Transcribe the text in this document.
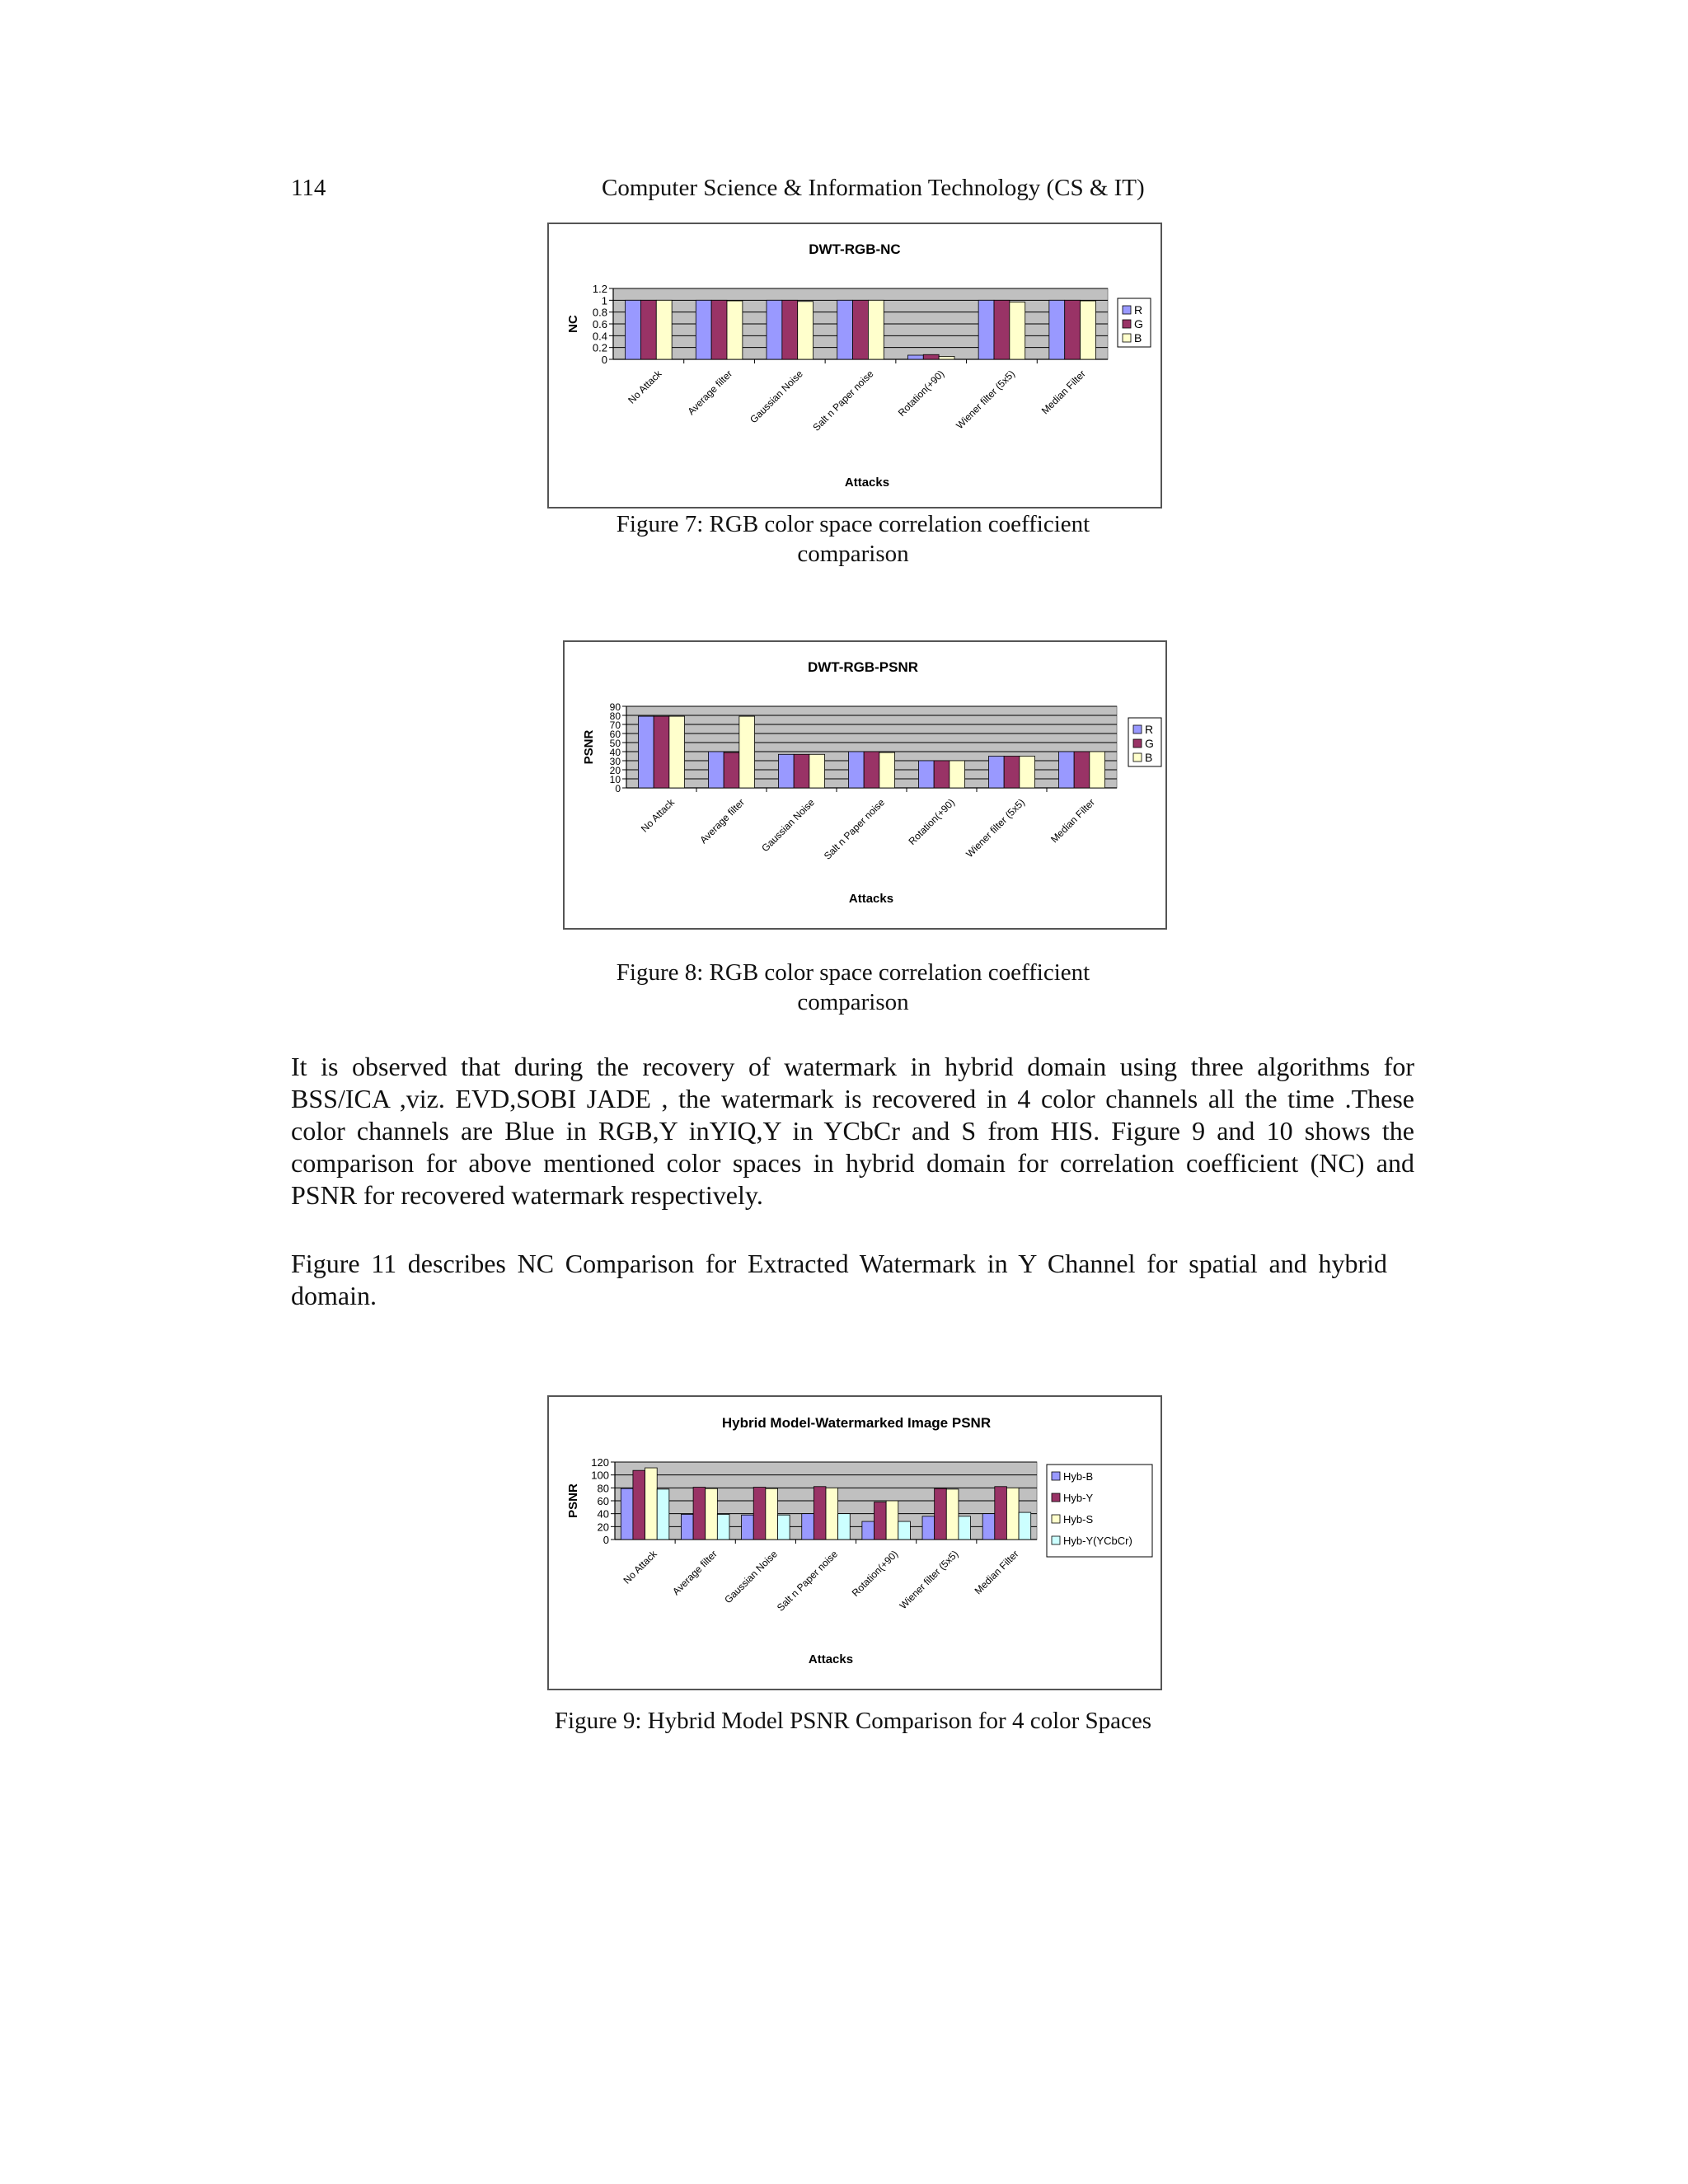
114	Computer Science & Information Technology (CS & IT)
DWT-RGB-NC
0
0.2
0.4
0.6
0.8
1
1.2
No Attack Average filter Gaussian Noise Salt n Paper noise Rotation(+90) Wiener filter (5x5) Median Filter
Attacks
NC
R
G
B
Figure 7: RGB color space correlation coefficient
comparison
DWT-RGB-PSNR
0
10
20
30
40
50
60
70
80
90
No Attack Average filter Gaussian Noise Salt n Paper noise Rotation(+90) Wiener filter (5x5) Median Filter
Attacks
PSNR
R
G
B
Figure 8: RGB color space correlation coefficient
comparison

It is observed that during the recovery of watermark in hybrid domain using three algorithms for BSS/ICA ,viz. EVD,SOBI JADE , the watermark is recovered in 4 color channels all the time .These color channels are Blue in RGB,Y inYIQ,Y in YCbCr and S from HIS. Figure 9 and 10 shows the comparison for above mentioned color spaces in hybrid domain for correlation coefficient (NC) and PSNR for recovered watermark respectively.

Figure 11 describes NC Comparison for Extracted Watermark in Y Channel for spatial and hybrid domain.

Hybrid Model-Watermarked Image PSNR
0
20
40
60
80
100
120
No Attack Average filter Gaussian Noise
Salt n Paper noise Rotation(+90)
Wiener filter (5x5) Median Filter
Attacks
PSNR
Hyb-B
Hyb-Y
Hyb-S
Hyb-Y(YCbCr)
Figure 9: Hybrid Model PSNR Comparison for 4 color Spaces
